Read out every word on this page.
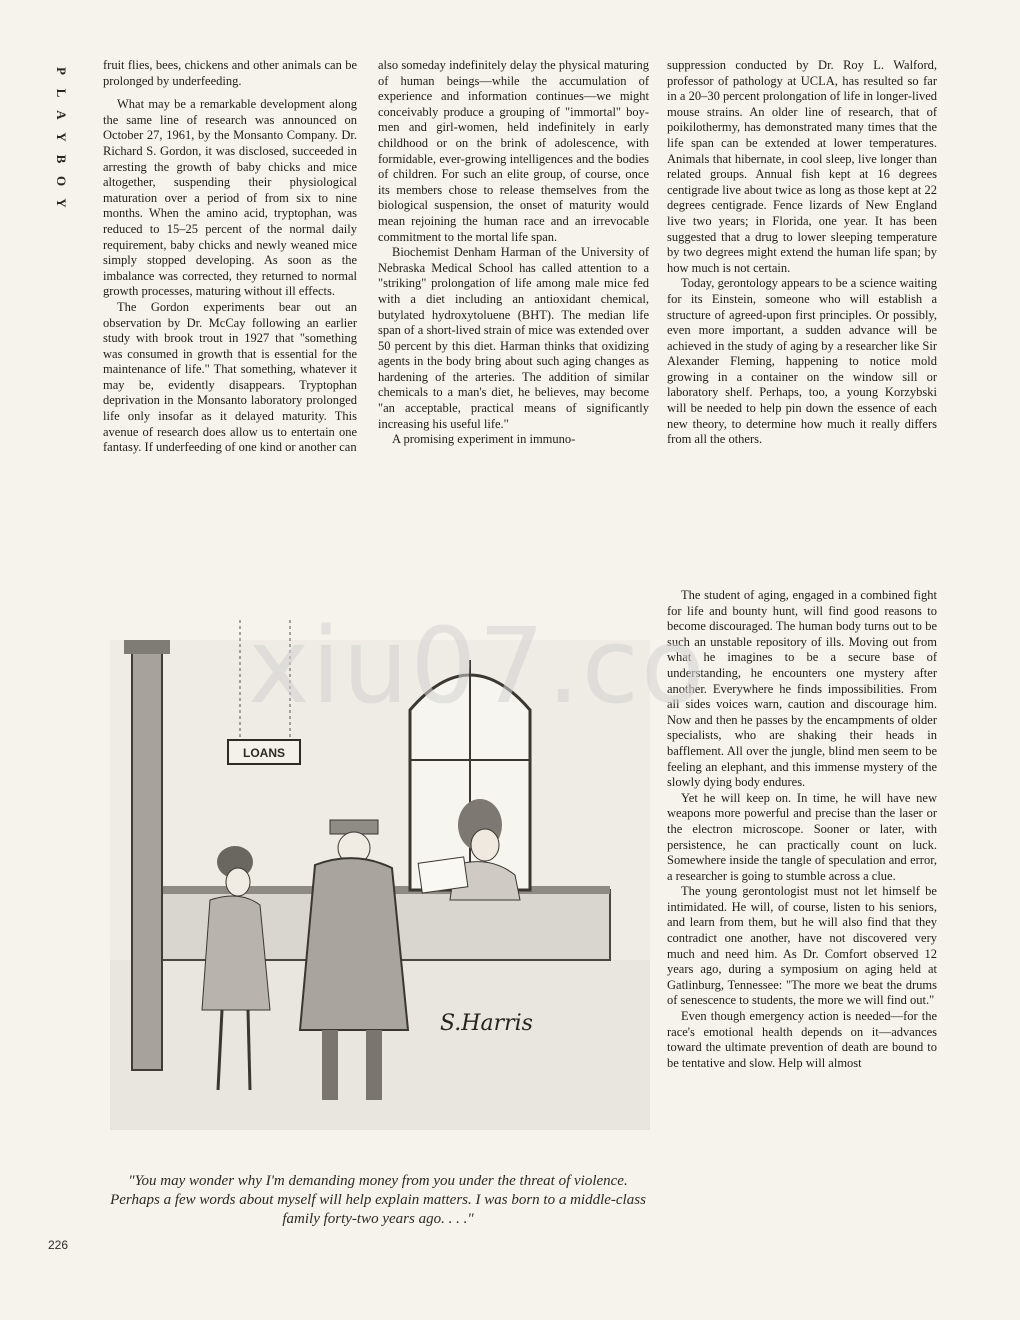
P
L
A
Y
B
O
Y

fruit flies, bees, chickens and other animals can be prolonged by underfeeding.

What may be a remarkable development along the same line of research was announced on October 27, 1961, by the Monsanto Company. Dr. Richard S. Gordon, it was disclosed, succeeded in arresting the growth of baby chicks and mice altogether, suspending their physiological maturation over a period of from six to nine months. When the amino acid, tryptophan, was reduced to 15–25 percent of the normal daily requirement, baby chicks and newly weaned mice simply stopped developing. As soon as the imbalance was corrected, they returned to normal growth processes, maturing without ill effects.

The Gordon experiments bear out an observation by Dr. McCay following an earlier study with brook trout in 1927 that "something was consumed in growth that is essential for the maintenance of life." That something, whatever it may be, evidently disappears. Tryptophan deprivation in the Monsanto laboratory prolonged life only insofar as it delayed maturity. This avenue of research does allow us to entertain one fantasy. If underfeeding of one kind or another can

also someday indefinitely delay the physical maturing of human beings—while the accumulation of experience and information continues—we might conceivably produce a grouping of "immortal" boy-men and girl-women, held indefinitely in early childhood or on the brink of adolescence, with formidable, ever-growing intelligences and the bodies of children. For such an elite group, of course, once its members chose to release themselves from the biological suspension, the onset of maturity would mean rejoining the human race and an irrevocable commitment to the mortal life span.

Biochemist Denham Harman of the University of Nebraska Medical School has called attention to a "striking" prolongation of life among male mice fed with a diet including an antioxidant chemical, butylated hydroxytoluene (BHT). The median life span of a short-lived strain of mice was extended over 50 percent by this diet. Harman thinks that oxidizing agents in the body bring about such aging changes as hardening of the arteries. The addition of similar chemicals to a man's diet, he believes, may become "an acceptable, practical means of significantly increasing his useful life."

A promising experiment in immuno-

suppression conducted by Dr. Roy L. Walford, professor of pathology at UCLA, has resulted so far in a 20–30 percent prolongation of life in longer-lived mouse strains. An older line of research, that of poikilothermy, has demonstrated many times that the life span can be extended at lower temperatures. Animals that hibernate, in cool sleep, live longer than related groups. Annual fish kept at 16 degrees centigrade live about twice as long as those kept at 22 degrees centigrade. Fence lizards of New England live two years; in Florida, one year. It has been suggested that a drug to lower sleeping temperature by two degrees might extend the human life span; by how much is not certain.

Today, gerontology appears to be a science waiting for its Einstein, someone who will establish a structure of agreed-upon first principles. Or possibly, even more important, a sudden advance will be achieved in the study of aging by a researcher like Sir Alexander Fleming, happening to notice mold growing in a container on the window sill or laboratory shelf. Perhaps, too, a young Korzybski will be needed to help pin down the essence of each new theory, to determine how much it really differs from all the others.

The student of aging, engaged in a combined fight for life and bounty hunt, will find good reasons to become discouraged. The human body turns out to be such an unstable repository of ills. Moving out from what he imagines to be a secure base of understanding, he encounters one mystery after another. Everywhere he finds impossibilities. From all sides voices warn, caution and discourage him. Now and then he passes by the encampments of older specialists, who are shaking their heads in bafflement. All over the jungle, blind men seem to be feeling an elephant, and this immense mystery of the slowly dying body endures.

Yet he will keep on. In time, he will have new weapons more powerful and precise than the laser or the electron microscope. Sooner or later, with persistence, he can practically count on luck. Somewhere inside the tangle of speculation and error, a researcher is going to stumble across a clue.

The young gerontologist must not let himself be intimidated. He will, of course, listen to his seniors, and learn from them, but he will also find that they contradict one another, have not discovered very much and need him. As Dr. Comfort observed 12 years ago, during a symposium on aging held at Gatlinburg, Tennessee: "The more we beat the drums of senescence to students, the more we will find out."

Even though emergency action is needed—for the race's emotional health depends on it—advances toward the ultimate prevention of death are bound to be tentative and slow. Help will almost

LOANS
S.Harris
xiu07.co
"You may wonder why I'm demanding money from you under the threat of violence. Perhaps a few words about myself will help explain matters. I was born to a middle-class family forty-two years ago. . . ."
226
